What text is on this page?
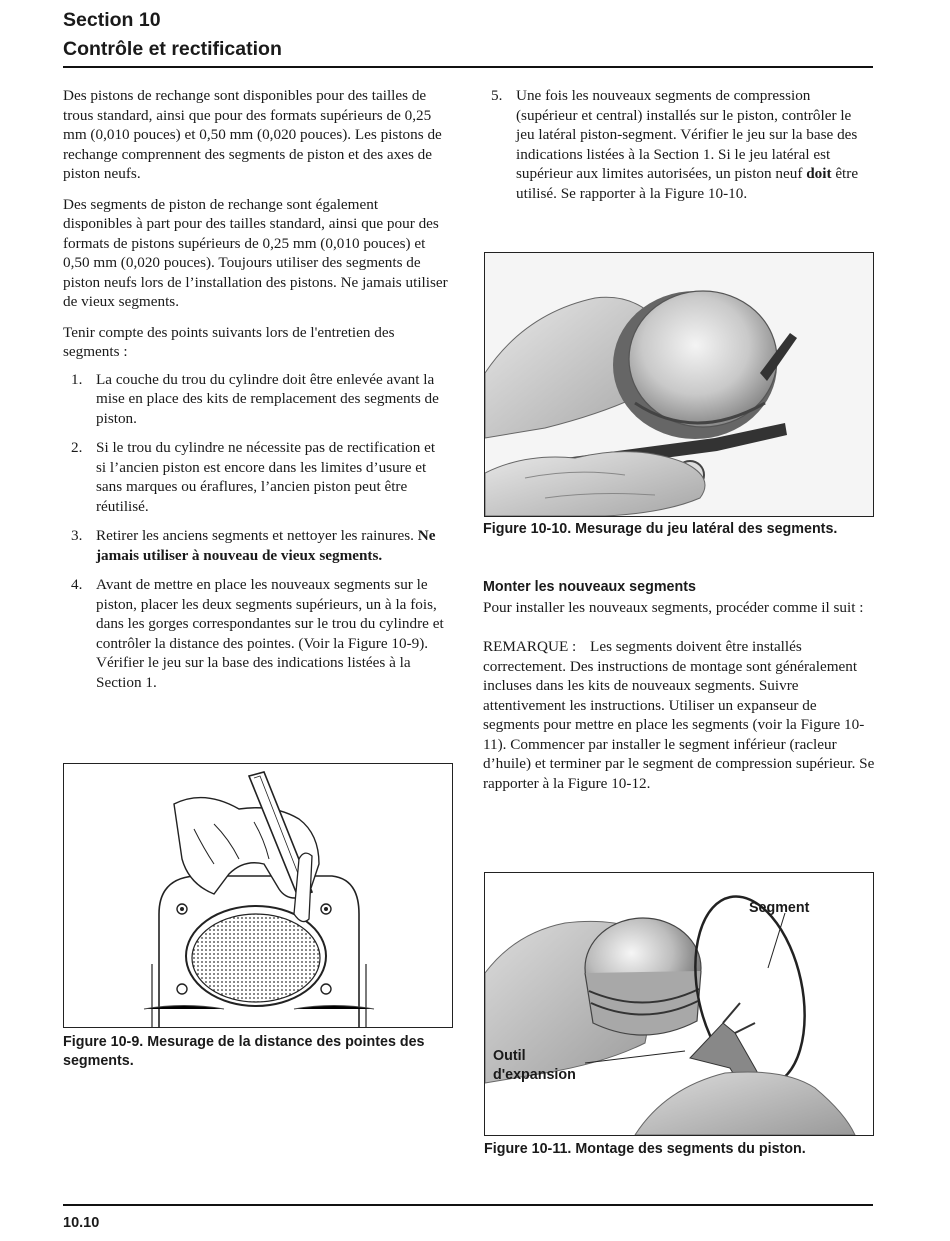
Section 10
Contrôle et rectification

Des pistons de rechange sont disponibles pour des tailles de trous standard, ainsi que pour des formats supérieurs de 0,25 mm (0,010 pouces) et 0,50 mm (0,020 pouces). Les pistons de rechange comprennent des segments de piston et des axes de piston neufs.

Des segments de piston de rechange sont également disponibles à part pour des tailles standard, ainsi que pour des formats de pistons supérieurs de 0,25 mm (0,010 pouces) et 0,50 mm (0,020 pouces). Toujours utiliser des segments de piston neufs lors de l’installation des pistons. Ne jamais utiliser de vieux segments.

Tenir compte des points suivants lors de l'entretien des segments :

1. La couche du trou du cylindre doit être enlevée avant la mise en place des kits de remplacement des segments de piston.
2. Si le trou du cylindre ne nécessite pas de rectification et si l’ancien piston est encore dans les limites d’usure et sans marques ou éraflures, l’ancien piston peut être réutilisé.
3. Retirer les anciens segments et nettoyer les rainures. Ne jamais utiliser à nouveau de vieux segments.
4. Avant de mettre en place les nouveaux segments sur le piston, placer les deux segments supérieurs, un à la fois, dans les gorges correspondantes sur le trou du cylindre et contrôler la distance des pointes. (Voir la Figure 10-9). Vérifier le jeu sur la base des indications listées à la Section 1.
Figure 10-9. Mesurage de la distance des pointes des segments.
5. Une fois les nouveaux segments de compression (supérieur et central) installés sur le piston, contrôler le jeu latéral piston-segment. Vérifier le jeu sur la base des indications listées à la Section 1. Si le jeu latéral est supérieur aux limites autorisées, un piston neuf doit être utilisé. Se rapporter à la Figure 10-10.
Figure 10-10. Mesurage du jeu latéral des segments.
Monter les nouveaux segments

Pour installer les nouveaux segments, procéder comme il suit :

REMARQUE : Les segments doivent être installés correctement. Des instructions de montage sont généralement incluses dans les kits de nouveaux segments. Suivre attentivement les instructions. Utiliser un expanseur de segments pour mettre en place les segments (voir la Figure 10-11). Commencer par installer le segment inférieur (racleur d’huile) et terminer par le segment de compression supérieur. Se rapporter à la Figure 10-12.
Segment
Outil
d'expansion
Figure 10-11. Montage des segments du piston.
10.10
